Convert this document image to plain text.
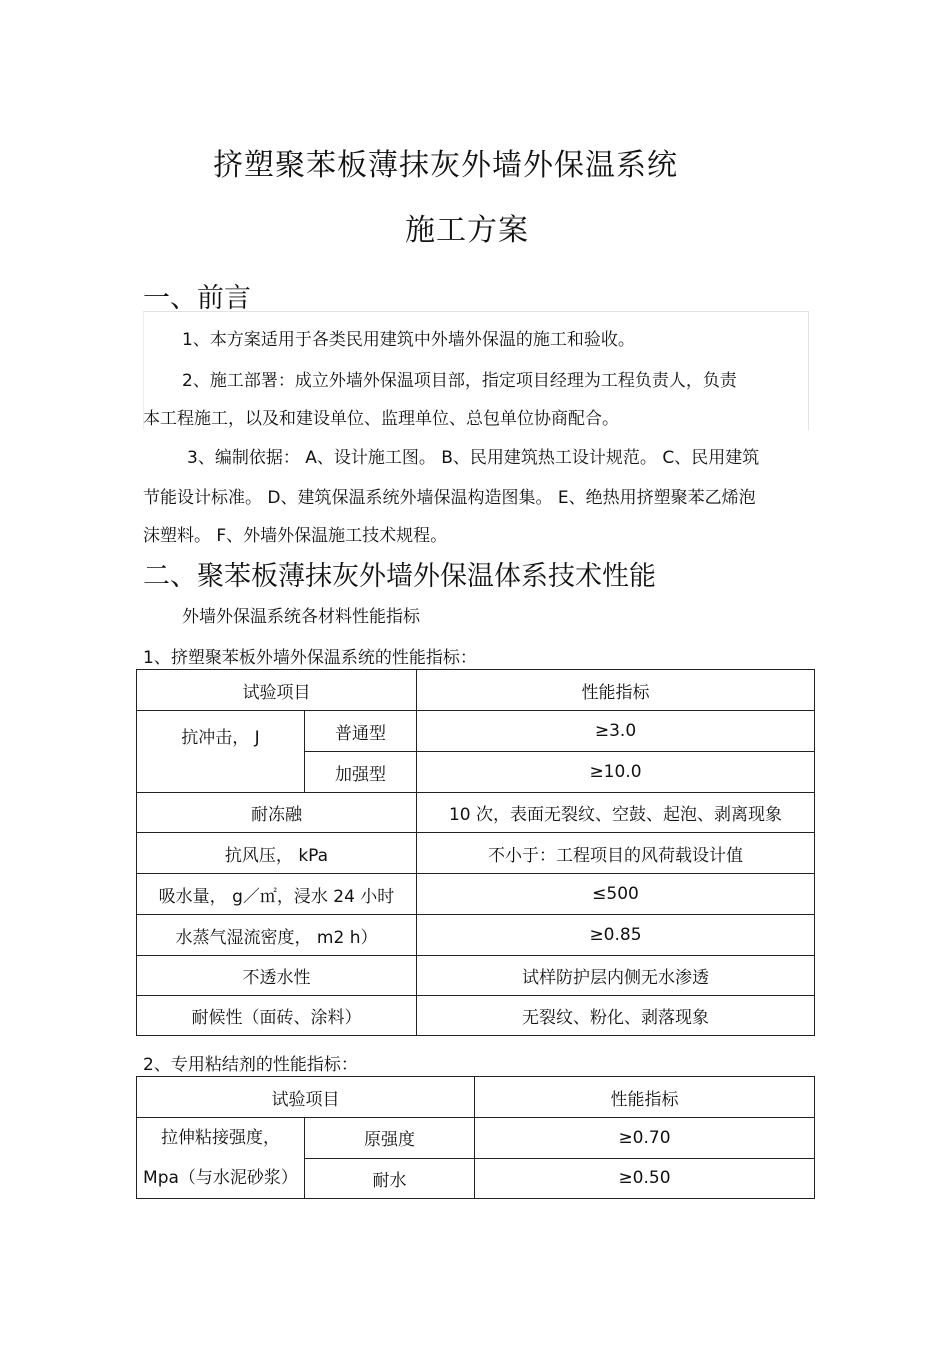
挤塑聚苯板薄抹灰外墙外保温系统
施工方案
一、前言
1、本方案适用于各类民用建筑中外墙外保温的施工和验收。
2、施工部署：成立外墙外保温项目部，指定项目经理为工程负责人，负责
本工程施工，以及和建设单位、监理单位、总包单位协商配合。
3、编制依据： A、设计施工图。 B、民用建筑热工设计规范。 C、民用建筑
节能设计标准。 D、建筑保温系统外墙保温构造图集。 E、绝热用挤塑聚苯乙烯泡
沫塑料。 F、外墙外保温施工技术规程。
二、聚苯板薄抹灰外墙外保温体系技术性能
外墙外保温系统各材料性能指标
1、挤塑聚苯板外墙外保温系统的性能指标：
试验项目		性能指标
抗冲击， J	普通型	≥3.0
	加强型	≥10.0
耐冻融		10 次，表面无裂纹、空鼓、起泡、剥离现象
抗风压， kPa		不小于：工程项目的风荷载设计值
吸水量， g／㎡，浸水 24 小时		≤500
水蒸气湿流密度， m2 h）		≥0.85
不透水性		试样防护层内侧无水渗透
耐候性（面砖、涂料）		无裂纹、粉化、剥落现象
2、专用粘结剂的性能指标：
试验项目		性能指标

拉伸粘接强度，
Mpa（与水泥砂浆）	原强度	≥0.70
	耐水	≥0.50
